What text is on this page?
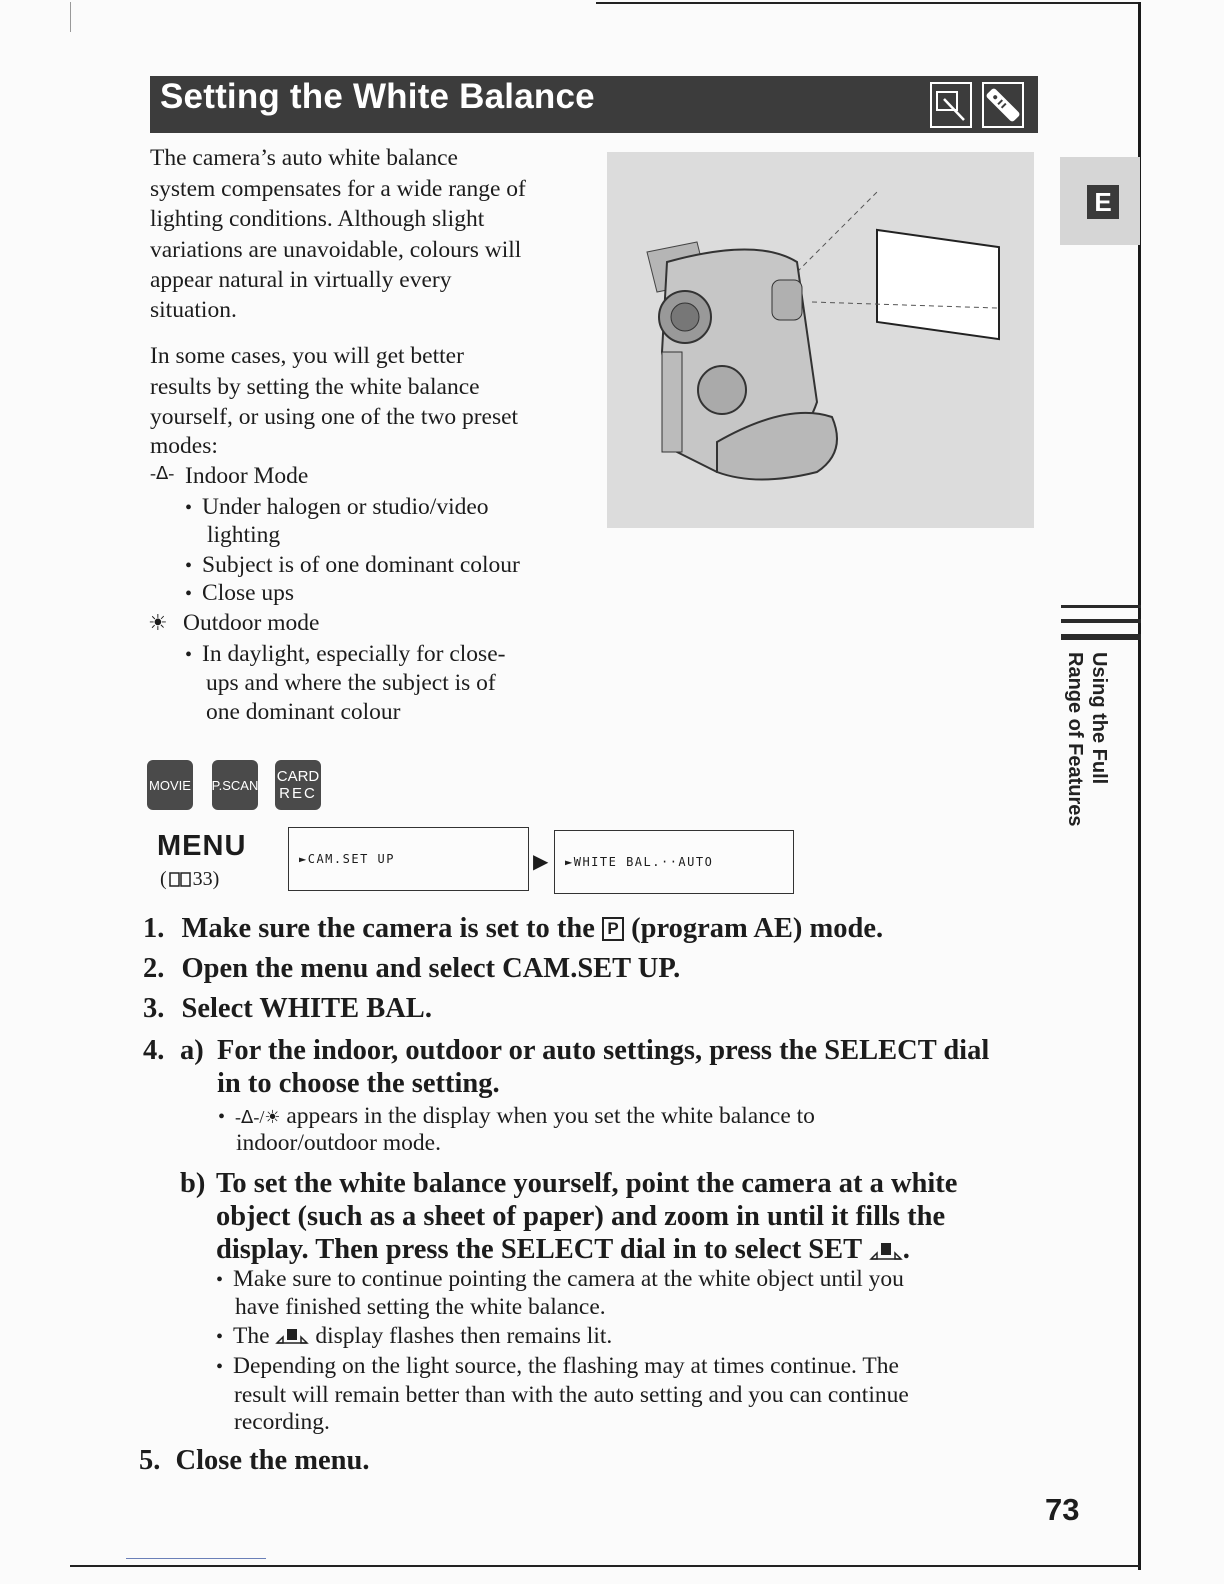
Setting the White Balance
E
Using the Full
Range of Features
The camera’s auto white balance
system compensates for a wide range of
lighting conditions. Although slight
variations are unavoidable, colours will
appear natural in virtually every
situation.
In some cases, you will get better
results by setting the white balance
yourself, or using one of the two preset
modes:
-ᐃ- Indoor Mode
• Under halogen or studio/video
lighting
• Subject is of one dominant colour
• Close ups
☀ Outdoor mode
• In daylight, especially for close-
ups and where the subject is of
one dominant colour
MOVIE P.SCAN CARD
REC
MENU
( 33)
►CAM.SET UP	▶	►WHITE BAL.··AUTO
1. Make sure the camera is set to the P (program AE) mode.
2. Open the menu and select CAM.SET UP.
3. Select WHITE BAL.
4. a) For the indoor, outdoor or auto settings, press the SELECT dial
in to choose the setting.
• -ᐃ-/☀ appears in the display when you set the white balance to
indoor/outdoor mode.
b) To set the white balance yourself, point the camera at a white
object (such as a sheet of paper) and zoom in until it fills the
display. Then press the SELECT dial in to select SET .
• Make sure to continue pointing the camera at the white object until you
have finished setting the white balance.
• The display flashes then remains lit.
• Depending on the light source, the flashing may at times continue. The
result will remain better than with the auto setting and you can continue
recording.
5. Close the menu.
73
